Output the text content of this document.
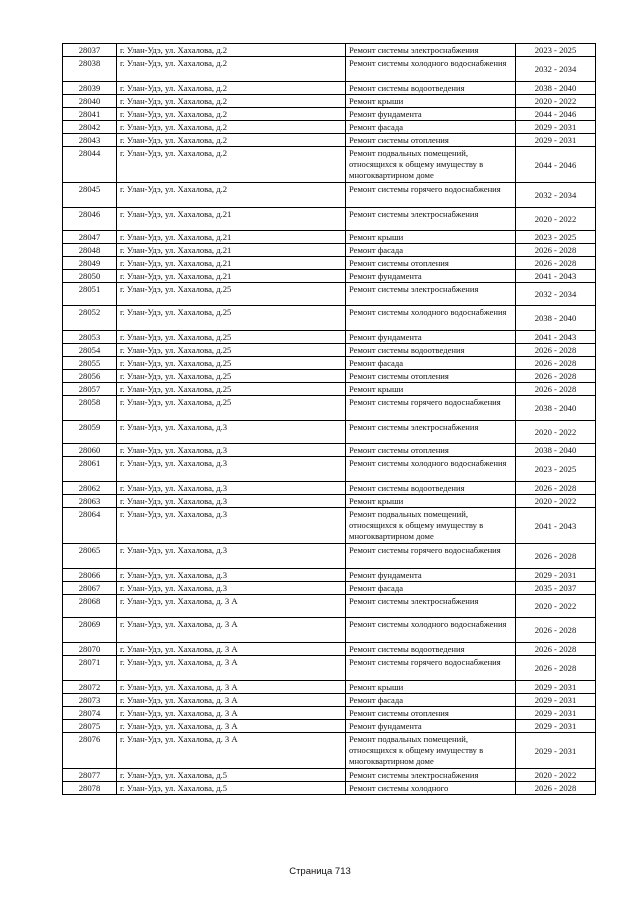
28037	г. Улан-Удэ, ул. Хахалова, д.2	Ремонт системы электроснабжения	2023 - 2025
28038	г. Улан-Удэ, ул. Хахалова, д.2	Ремонт системы холодного водоснабжения	2032 - 2034
28039	г. Улан-Удэ, ул. Хахалова, д.2	Ремонт системы водоотведения	2038 - 2040
28040	г. Улан-Удэ, ул. Хахалова, д.2	Ремонт крыши	2020 - 2022
28041	г. Улан-Удэ, ул. Хахалова, д.2	Ремонт фундамента	2044 - 2046
28042	г. Улан-Удэ, ул. Хахалова, д.2	Ремонт фасада	2029 - 2031
28043	г. Улан-Удэ, ул. Хахалова, д.2	Ремонт системы отопления	2029 - 2031
28044	г. Улан-Удэ, ул. Хахалова, д.2	Ремонт подвальных помещений, относящихся к общему имуществу в многоквартирном доме	2044 - 2046
28045	г. Улан-Удэ, ул. Хахалова, д.2	Ремонт системы горячего водоснабжения	2032 - 2034
28046	г. Улан-Удэ, ул. Хахалова, д.21	Ремонт системы электроснабжения	2020 - 2022
28047	г. Улан-Удэ, ул. Хахалова, д.21	Ремонт крыши	2023 - 2025
28048	г. Улан-Удэ, ул. Хахалова, д.21	Ремонт фасада	2026 - 2028
28049	г. Улан-Удэ, ул. Хахалова, д.21	Ремонт системы отопления	2026 - 2028
28050	г. Улан-Удэ, ул. Хахалова, д.21	Ремонт фундамента	2041 - 2043
28051	г. Улан-Удэ, ул. Хахалова, д.25	Ремонт системы электроснабжения	2032 - 2034
28052	г. Улан-Удэ, ул. Хахалова, д.25	Ремонт системы холодного водоснабжения	2038 - 2040
28053	г. Улан-Удэ, ул. Хахалова, д.25	Ремонт фундамента	2041 - 2043
28054	г. Улан-Удэ, ул. Хахалова, д.25	Ремонт системы водоотведения	2026 - 2028
28055	г. Улан-Удэ, ул. Хахалова, д.25	Ремонт фасада	2026 - 2028
28056	г. Улан-Удэ, ул. Хахалова, д.25	Ремонт системы отопления	2026 - 2028
28057	г. Улан-Удэ, ул. Хахалова, д.25	Ремонт крыши	2026 - 2028
28058	г. Улан-Удэ, ул. Хахалова, д.25	Ремонт системы горячего водоснабжения	2038 - 2040
28059	г. Улан-Удэ, ул. Хахалова, д.3	Ремонт системы электроснабжения	2020 - 2022
28060	г. Улан-Удэ, ул. Хахалова, д.3	Ремонт системы отопления	2038 - 2040
28061	г. Улан-Удэ, ул. Хахалова, д.3	Ремонт системы холодного водоснабжения	2023 - 2025
28062	г. Улан-Удэ, ул. Хахалова, д.3	Ремонт системы водоотведения	2026 - 2028
28063	г. Улан-Удэ, ул. Хахалова, д.3	Ремонт крыши	2020 - 2022
28064	г. Улан-Удэ, ул. Хахалова, д.3	Ремонт подвальных помещений, относящихся к общему имуществу в многоквартирном доме	2041 - 2043
28065	г. Улан-Удэ, ул. Хахалова, д.3	Ремонт системы горячего водоснабжения	2026 - 2028
28066	г. Улан-Удэ, ул. Хахалова, д.3	Ремонт фундамента	2029 - 2031
28067	г. Улан-Удэ, ул. Хахалова, д.3	Ремонт фасада	2035 - 2037
28068	г. Улан-Удэ, ул. Хахалова, д. 3 А	Ремонт системы электроснабжения	2020 - 2022
28069	г. Улан-Удэ, ул. Хахалова, д. 3 А	Ремонт системы холодного водоснабжения	2026 - 2028
28070	г. Улан-Удэ, ул. Хахалова, д. 3 А	Ремонт системы водоотведения	2026 - 2028
28071	г. Улан-Удэ, ул. Хахалова, д. 3 А	Ремонт системы горячего водоснабжения	2026 - 2028
28072	г. Улан-Удэ, ул. Хахалова, д. 3 А	Ремонт крыши	2029 - 2031
28073	г. Улан-Удэ, ул. Хахалова, д. 3 А	Ремонт фасада	2029 - 2031
28074	г. Улан-Удэ, ул. Хахалова, д. 3 А	Ремонт системы отопления	2029 - 2031
28075	г. Улан-Удэ, ул. Хахалова, д. 3 А	Ремонт фундамента	2029 - 2031
28076	г. Улан-Удэ, ул. Хахалова, д. 3 А	Ремонт подвальных помещений, относящихся к общему имуществу в многоквартирном доме	2029 - 2031
28077	г. Улан-Удэ, ул. Хахалова, д.5	Ремонт системы электроснабжения	2020 - 2022
28078	г. Улан-Удэ, ул. Хахалова, д.5	Ремонт системы холодного	2026 - 2028
Страница 713
